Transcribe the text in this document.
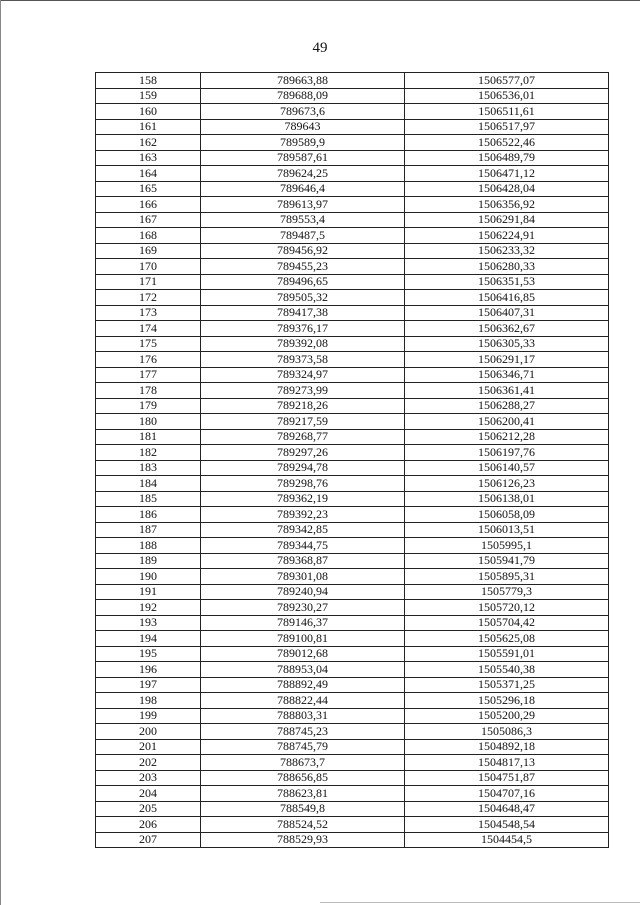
49
158	789663,88	1506577,07
159	789688,09	1506536,01
160	789673,6	1506511,61
161	789643	1506517,97
162	789589,9	1506522,46
163	789587,61	1506489,79
164	789624,25	1506471,12
165	789646,4	1506428,04
166	789613,97	1506356,92
167	789553,4	1506291,84
168	789487,5	1506224,91
169	789456,92	1506233,32
170	789455,23	1506280,33
171	789496,65	1506351,53
172	789505,32	1506416,85
173	789417,38	1506407,31
174	789376,17	1506362,67
175	789392,08	1506305,33
176	789373,58	1506291,17
177	789324,97	1506346,71
178	789273,99	1506361,41
179	789218,26	1506288,27
180	789217,59	1506200,41
181	789268,77	1506212,28
182	789297,26	1506197,76
183	789294,78	1506140,57
184	789298,76	1506126,23
185	789362,19	1506138,01
186	789392,23	1506058,09
187	789342,85	1506013,51
188	789344,75	1505995,1
189	789368,87	1505941,79
190	789301,08	1505895,31
191	789240,94	1505779,3
192	789230,27	1505720,12
193	789146,37	1505704,42
194	789100,81	1505625,08
195	789012,68	1505591,01
196	788953,04	1505540,38
197	788892,49	1505371,25
198	788822,44	1505296,18
199	788803,31	1505200,29
200	788745,23	1505086,3
201	788745,79	1504892,18
202	788673,7	1504817,13
203	788656,85	1504751,87
204	788623,81	1504707,16
205	788549,8	1504648,47
206	788524,52	1504548,54
207	788529,93	1504454,5
